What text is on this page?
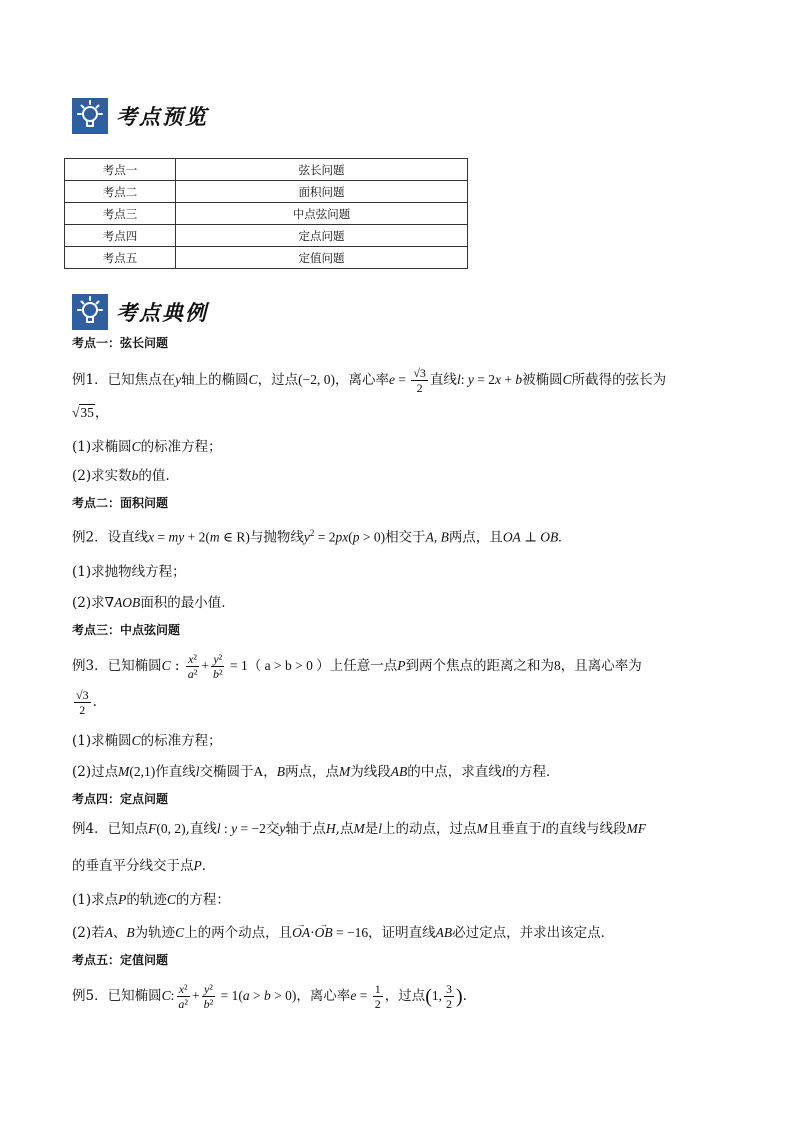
考点预览
考点一	弦长问题
考点二	面积问题
考点三	中点弦问题
考点四	定点问题
考点五	定值问题
考点典例
考点一：弦长问题
例1．已知焦点在y轴上的椭圆C，过点(−2, 0)，离心率$e = \frac{√3}{2}$ 直线l: y = 2x + b被椭圆C所截得的弦长为
√35，
(1)求椭圆C的标准方程；
(2)求实数b的值.
考点二：面积问题
例2．设直线x = my + 2(m ∈ R)与抛物线$y^2 = 2px(p > 0)$相交于A, B两点，且OA ⊥ OB.
(1)求抛物线方程；
(2)求∇AOB面积的最小值.
考点三：中点弦问题
例3．已知椭圆C : $\frac{\text{x²}}{\text{a²}} + \frac{\text{y²}}{\text{b²}} = 1$（ a > b > 0 ）上任意一点P到两个焦点的距离之和为8，且离心率为
$\frac{√3}{2}$ .
(1)求椭圆C的标准方程；
(2)过点M(2,1)作直线l交椭圆于A，B两点，点M为线段AB的中点，求直线l的方程．
考点四：定点问题
例4．已知点F(0, 2),直线l : y = −2交y轴于点H,点M是l上的动点，过点M且垂直于l的直线与线段MF
的垂直平分线交于点P．
(1)求点P的轨迹C的方程：
(2)若A、B为轨迹C上的两个动点，且→ OA·→ OB = −16，证明直线AB必过定点，并求出该定点．
考点五：定值问题
例5．已知椭圆C: $\frac{\text{x²}}{\text{a²}} + \frac{\text{y²}}{\text{b²}} = 1(a > b > 0)$，离心率$e = \frac{1}{2}$ ，过点(1, $\frac{3}{2}$ ).
